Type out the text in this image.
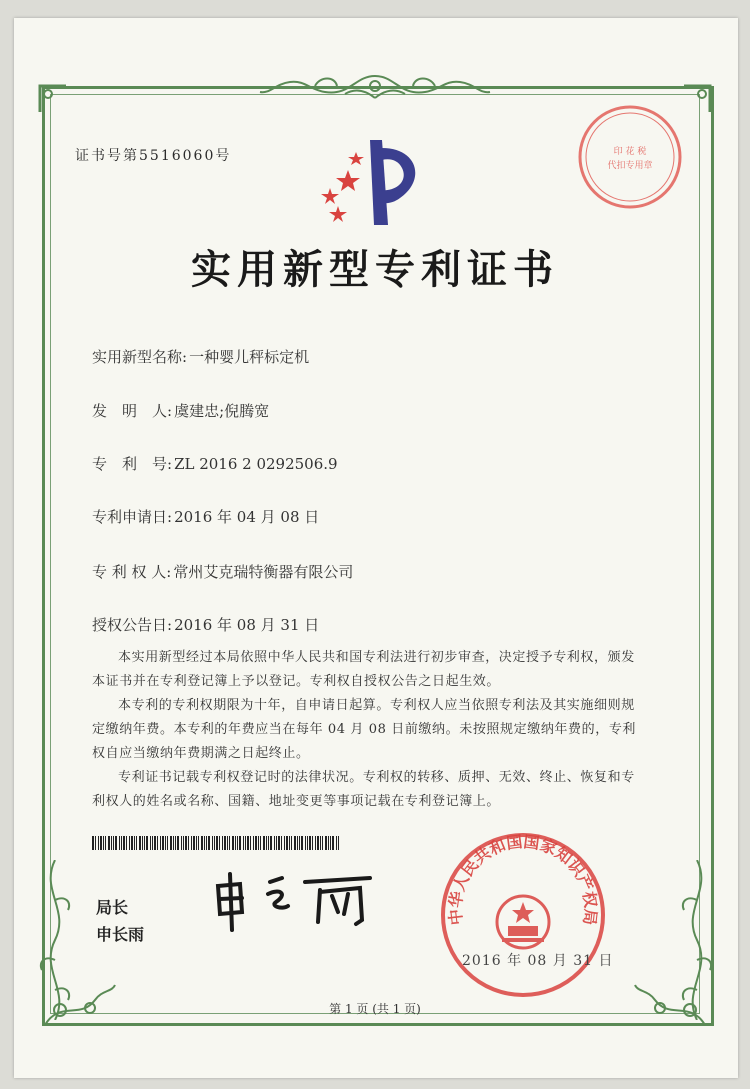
证书号第5516060号
实用新型专利证书
实用新型名称: 一种婴儿秤标定机
发　明　人: 虞建忠;倪腾宽
专　利　号: ZL 2016 2 0292506.9
专利申请日: 2016 年 04 月 08 日
专 利 权 人: 常州艾克瑞特衡器有限公司
授权公告日: 2016 年 08 月 31 日
本实用新型经过本局依照中华人民共和国专利法进行初步审查，决定授予专利权，颁发本证书并在专利登记簿上予以登记。专利权自授权公告之日起生效。
本专利的专利权期限为十年，自申请日起算。专利权人应当依照专利法及其实施细则规定缴纳年费。本专利的年费应当在每年 04 月 08 日前缴纳。未按照规定缴纳年费的，专利权自应当缴纳年费期满之日起终止。
专利证书记载专利权登记时的法律状况。专利权的转移、质押、无效、终止、恢复和专利权人的姓名或名称、国籍、地址变更等事项记载在专利登记簿上。
局长
申长雨
印 花 税
代扣专用章
中华人民共和国国家知识产权局
2016 年 08 月 31 日
第 1 页 (共 1 页)
